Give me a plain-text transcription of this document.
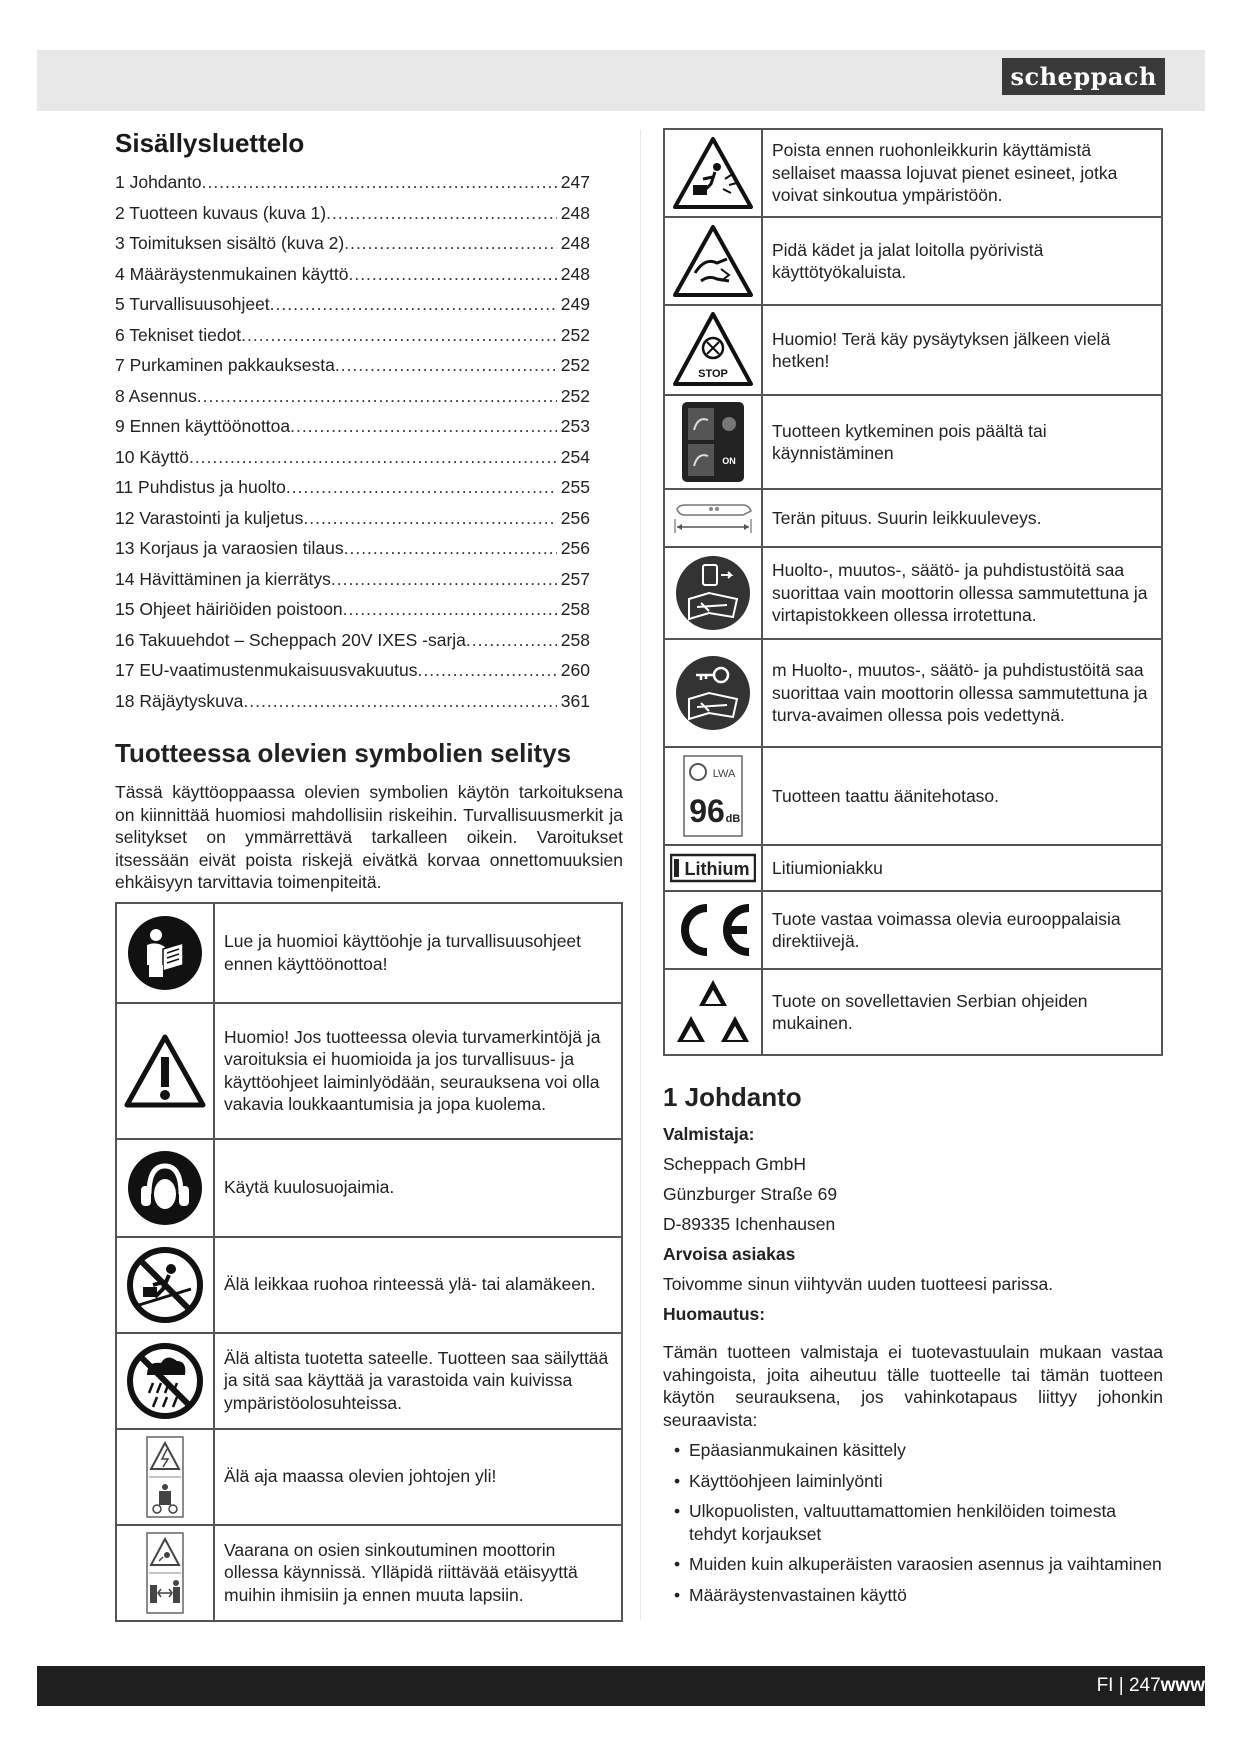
scheppach
Sisällysluettelo
1 Johdanto .....	247
2 Tuotteen kuvaus (kuva 1) .....	248
3 Toimituksen sisältö (kuva 2) .....	248
4 Määräystenmukainen käyttö .....	248
5 Turvallisuusohjeet .....	249
6 Tekniset tiedot .....	252
7 Purkaminen pakkauksesta .....	252
8 Asennus .....	252
9 Ennen käyttöönottoa .....	253
10 Käyttö .....	254
11 Puhdistus ja huolto .....	255
12 Varastointi ja kuljetus .....	256
13 Korjaus ja varaosien tilaus .....	256
14 Hävittäminen ja kierrätys .....	257
15 Ohjeet häiriöiden poistoon .....	258
16 Takuuehdot – Scheppach 20V IXES -sarja .....	258
17 EU-vaatimustenmukaisuusvakuutus .....	260
18 Räjäytyskuva .....	361
Tuotteessa olevien symbolien selitys

Tässä käyttöoppaassa olevien symbolien käytön tarkoituksena on kiinnittää huomiosi mahdollisiin riskeihin. Turvallisuusmerkit ja selitykset on ymmärrettävä tarkalleen oikein. Varoitukset itsessään eivät poista riskejä eivätkä korvaa onnettomuuksien ehkäisyyn tarvittavia toimenpiteitä.

	Lue ja huomioi käyttöohje ja turvallisuusohjeet ennen käyttöönottoa!

	Huomio! Jos tuotteessa olevia turvamerkintöjä ja varoituksia ei huomioida ja jos turvallisuus- ja käyttöohjeet laiminlyödään, seurauksena voi olla vakavia loukkaantumisia ja jopa kuolema.

	Käytä kuulosuojaimia.

	Älä leikkaa ruohoa rinteessä ylä- tai alamäkeen.

	Älä altista tuotetta sateelle. Tuotteen saa säilyttää ja sitä saa käyttää ja varastoida vain kuivissa ympäristöolosuhteissa.

	Älä aja maassa olevien johtojen yli!

	Vaarana on osien sinkoutuminen moottorin ollessa käynnissä. Ylläpidä riittävää etäisyyttä muihin ihmisiin ja ennen muuta lapsiin.
	Poista ennen ruohonleikkurin käyttämistä sellaiset maassa lojuvat pienet esineet, jotka voivat sinkoutua ympäristöön.

	Pidä kädet ja jalat loitolla pyörivistä käyttötyökaluista.

STOP	Huomio! Terä käy pysäytyksen jälkeen vielä hetken!

ON	Tuotteen kytkeminen pois päältä tai käynnistäminen

	Terän pituus. Suurin leikkuuleveys.

	Huolto-, muutos-, säätö- ja puhdistustöitä saa suorittaa vain moottorin ollessa sammutettuna ja virtapistokkeen ollessa irrotettuna.

	m Huolto-, muutos-, säätö- ja puhdistustöitä saa suorittaa vain moottorin ollessa sammutettuna ja turva-avaimen ollessa pois vedettynä.

LWA
96 dB	Tuotteen taattu äänitehotaso.

Lithium	Litiumioniakku

	Tuote vastaa voimassa olevia eurooppalaisia direktiivejä.

	Tuote on sovellettavien Serbian ohjeiden mukainen.
1 Johdanto
Valmistaja:
Scheppach GmbH
Günzburger Straße 69
D-89335 Ichenhausen
Arvoisa asiakas
Toivomme sinun viihtyvän uuden tuotteesi parissa.
Huomautus:

Tämän tuotteen valmistaja ei tuotevastuulain mukaan vastaa vahingoista, joita aiheutuu tälle tuotteelle tai tämän tuotteen käytön seurauksena, jos vahinkotapaus liittyy johonkin seuraavista:

• Epäasianmukainen käsittely
• Käyttöohjeen laiminlyönti
• Ulkopuolisten, valtuuttamattomien henkilöiden toimesta tehdyt korjaukset
• Muiden kuin alkuperäisten varaosien asennus ja vaihtaminen
• Määräystenvastainen käyttö
FI | 247www
